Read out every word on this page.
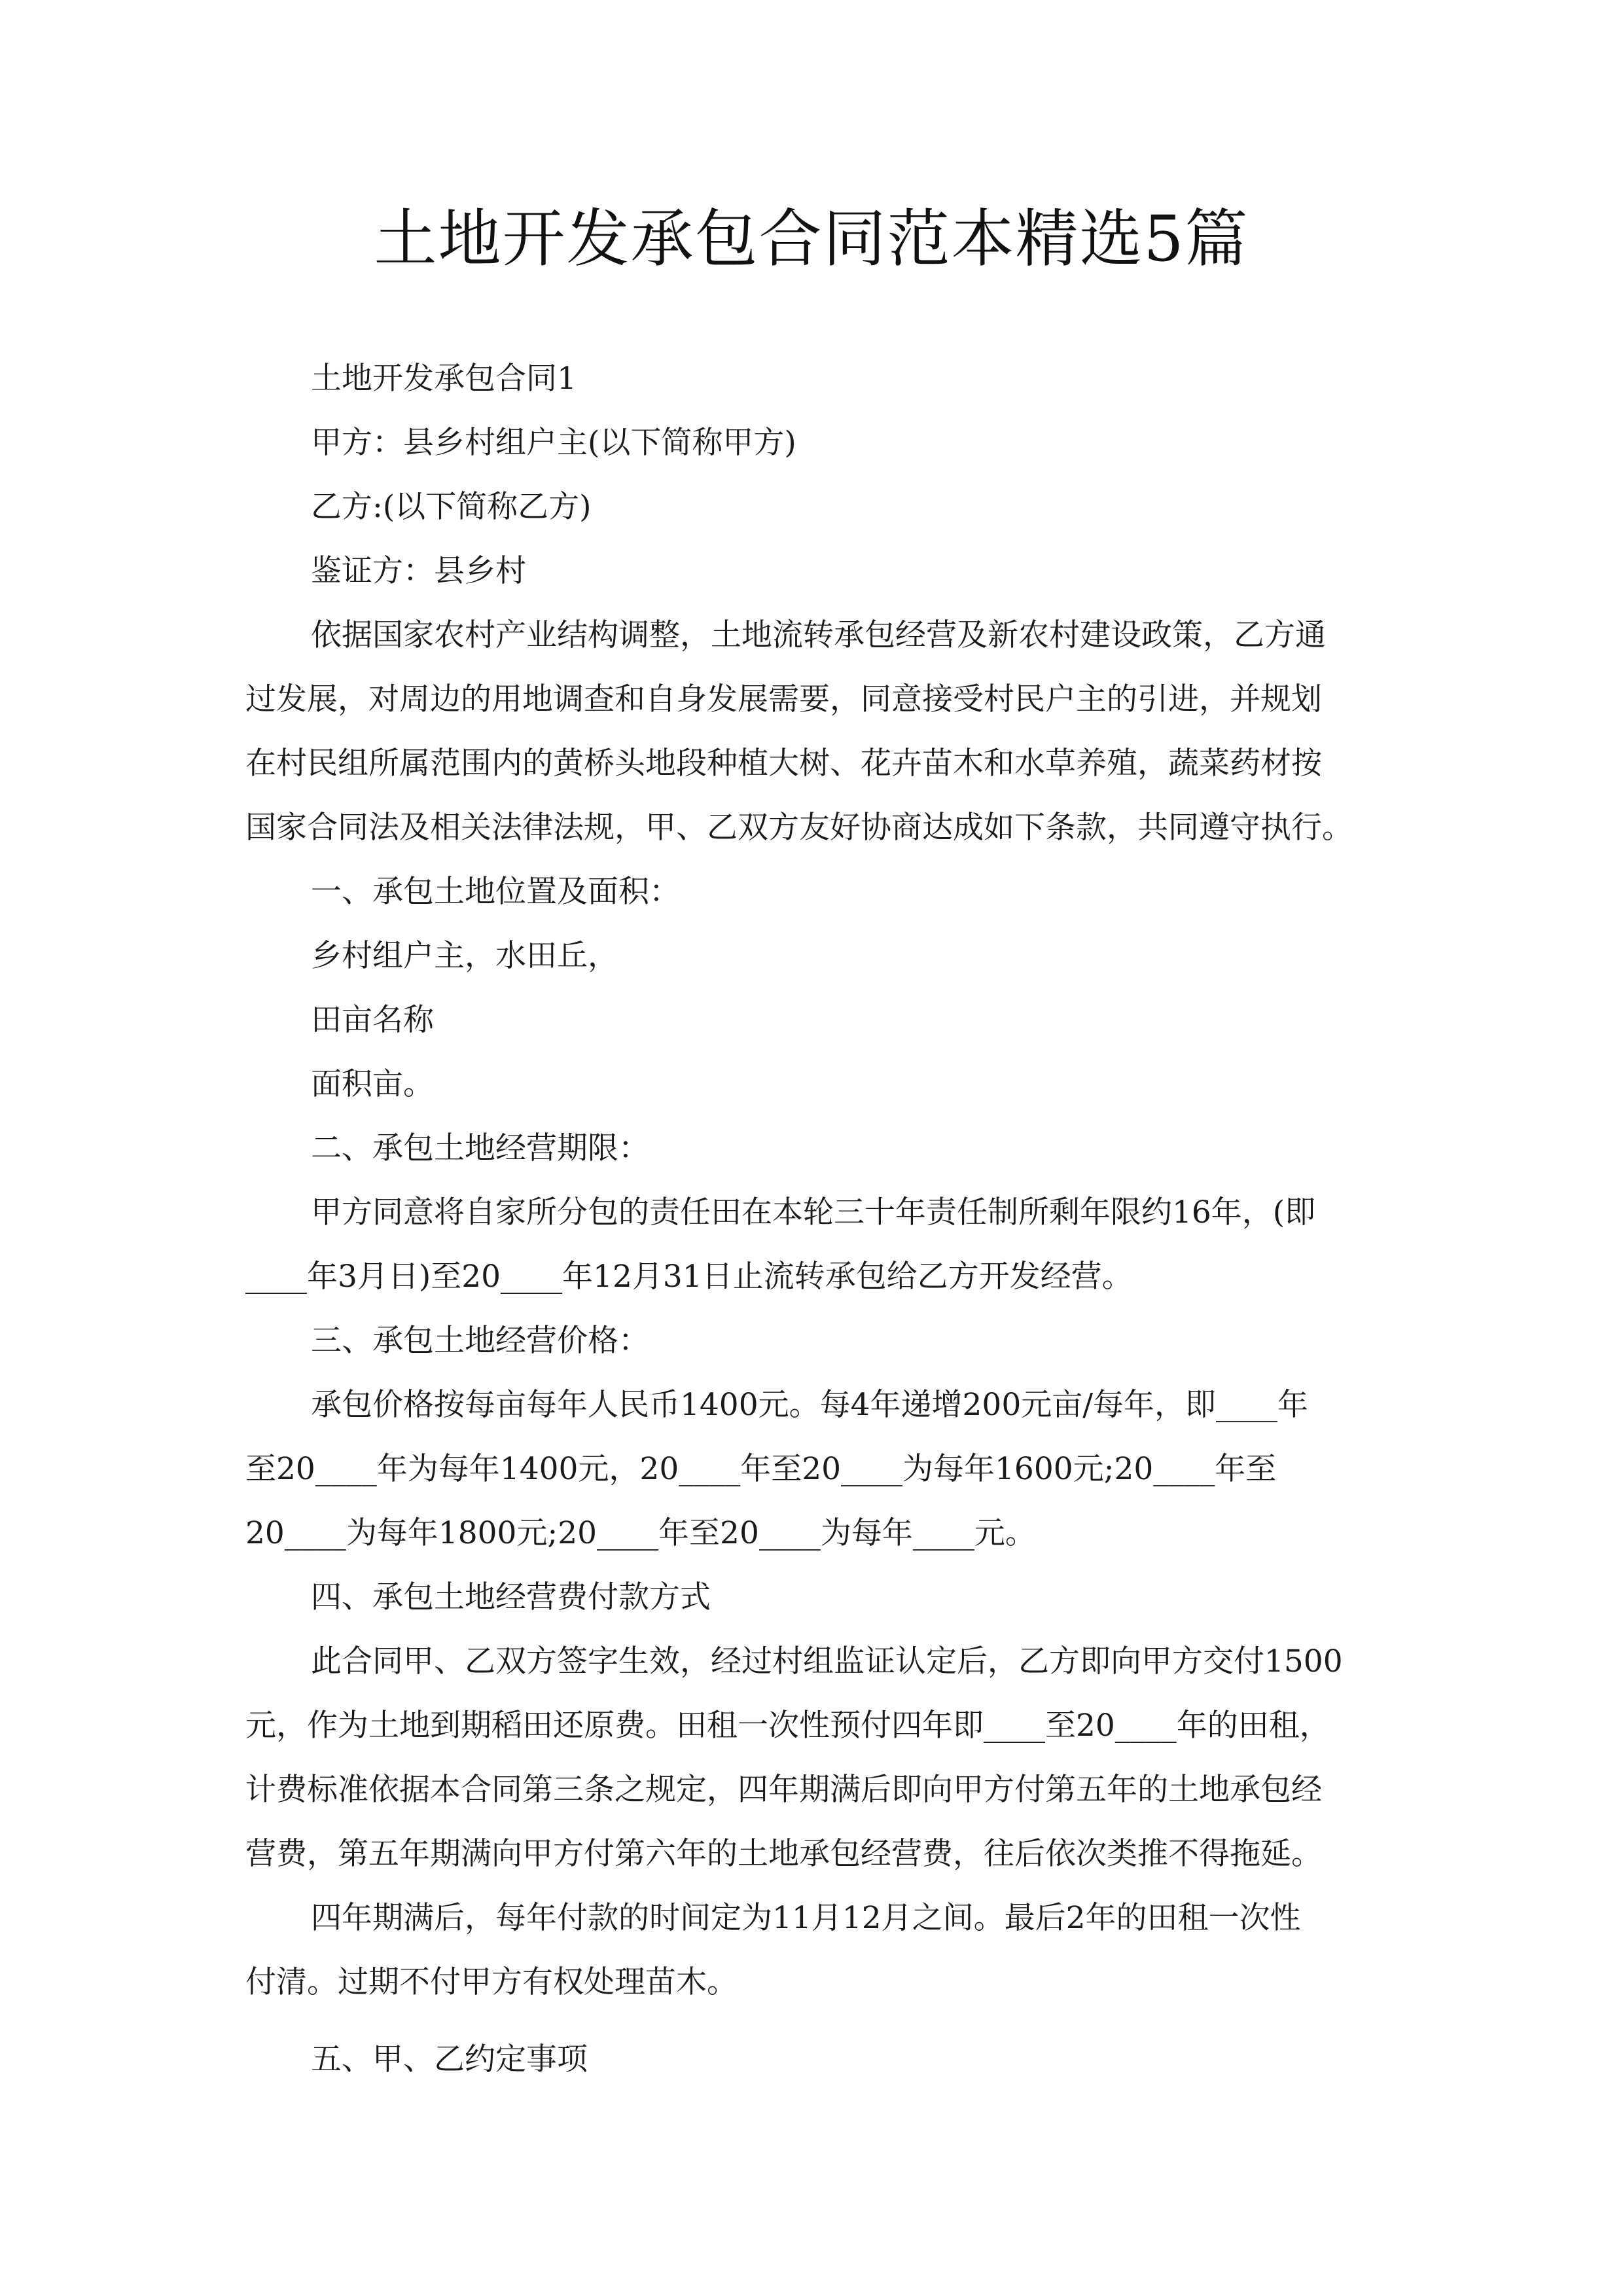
土地开发承包合同范本精选5篇

土地开发承包合同1

甲方：县乡村组户主(以下简称甲方)

乙方:(以下简称乙方)

鉴证方：县乡村

依据国家农村产业结构调整，土地流转承包经营及新农村建设政策，乙方通

过发展，对周边的用地调查和自身发展需要，同意接受村民户主的引进，并规划

在村民组所属范围内的黄桥头地段种植大树、花卉苗木和水草养殖，蔬菜药材按

国家合同法及相关法律法规，甲、乙双方友好协商达成如下条款，共同遵守执行。

一、承包土地位置及面积：

乡村组户主，水田丘，

田亩名称

面积亩。

二、承包土地经营期限：

甲方同意将自家所分包的责任田在本轮三十年责任制所剩年限约16年，(即

____年3月日)至20____年12月31日止流转承包给乙方开发经营。

三、承包土地经营价格：

承包价格按每亩每年人民币1400元。每4年递增200元亩/每年，即____年

至20____年为每年1400元，20____年至20____为每年1600元;20____年至

20____为每年1800元;20____年至20____为每年____元。

四、承包土地经营费付款方式

此合同甲、乙双方签字生效，经过村组监证认定后，乙方即向甲方交付1500

元，作为土地到期稻田还原费。田租一次性预付四年即____至20____年的田租，

计费标准依据本合同第三条之规定，四年期满后即向甲方付第五年的土地承包经

营费，第五年期满向甲方付第六年的土地承包经营费，往后依次类推不得拖延。

四年期满后，每年付款的时间定为11月12月之间。最后2年的田租一次性

付清。过期不付甲方有权处理苗木。

五、甲、乙约定事项
